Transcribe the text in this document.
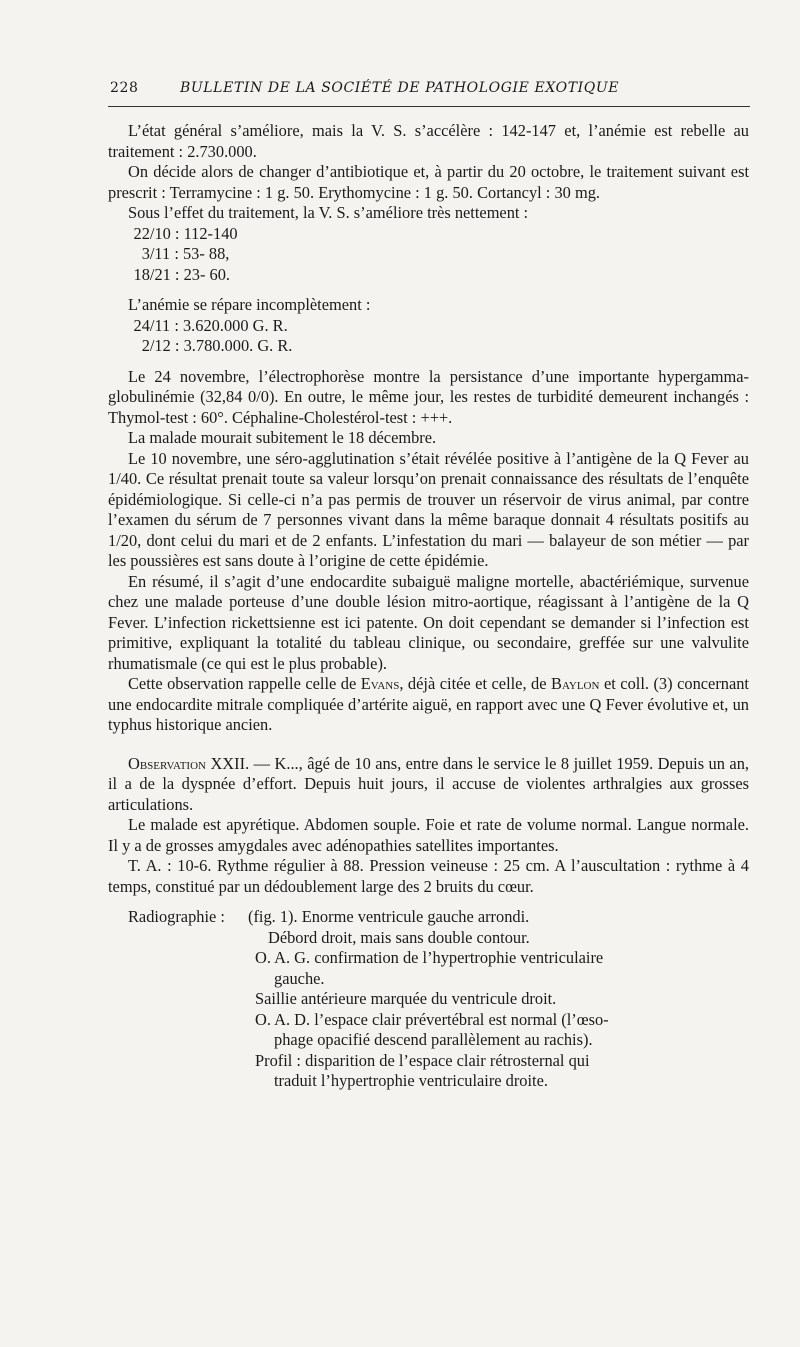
228	BULLETIN DE LA SOCIÉTÉ DE PATHOLOGIE EXOTIQUE

L’état général s’améliore, mais la V. S. s’accélère : 142-147 et, l’anémie est rebelle au traitement : 2.730.000.

On décide alors de changer d’antibiotique et, à partir du 20 octobre, le traitement suivant est prescrit : Terramycine : 1 g. 50. Erythomycine : 1 g. 50. Cortancyl : 30 mg.

Sous l’effet du traitement, la V. S. s’améliore très nettement :

22/10 : 112-140

3/11 : 53- 88,

18/21 : 23- 60.

L’anémie se répare incomplètement :

24/11 : 3.620.000 G. R.

2/12 : 3.780.000. G. R.

Le 24 novembre, l’électrophorèse montre la persistance d’une importante hypergamma-globulinémie (32,84 0/0). En outre, le même jour, les restes de turbidité demeurent inchangés : Thymol-test : 60°. Céphaline-Cholestérol-test : +++.

La malade mourait subitement le 18 décembre.

Le 10 novembre, une séro-agglutination s’était révélée positive à l’antigène de la Q Fever au 1/40. Ce résultat prenait toute sa valeur lorsqu’on prenait connaissance des résultats de l’enquête épidémiologique. Si celle-ci n’a pas permis de trouver un réservoir de virus animal, par contre l’examen du sérum de 7 personnes vivant dans la même baraque donnait 4 résultats positifs au 1/20, dont celui du mari et de 2 enfants. L’infestation du mari — balayeur de son métier — par les poussières est sans doute à l’origine de cette épidémie.

En résumé, il s’agit d’une endocardite subaiguë maligne mortelle, abactériémique, survenue chez une malade porteuse d’une double lésion mitro-aortique, réagissant à l’antigène de la Q Fever. L’infection rickettsienne est ici patente. On doit cependant se demander si l’infection est primitive, expliquant la totalité du tableau clinique, ou secondaire, greffée sur une valvulite rhumatismale (ce qui est le plus probable).

Cette observation rappelle celle de Evans, déjà citée et celle, de Baylon et coll. (3) concernant une endocardite mitrale compliquée d’artérite aiguë, en rapport avec une Q Fever évolutive et, un typhus historique ancien.

Observation XXII. — K..., âgé de 10 ans, entre dans le service le 8 juillet 1959. Depuis un an, il a de la dyspnée d’effort. Depuis huit jours, il accuse de violentes arthralgies aux grosses articulations.

Le malade est apyrétique. Abdomen souple. Foie et rate de volume normal. Langue normale. Il y a de grosses amygdales avec adénopathies satellites importantes.

T. A. : 10-6. Rythme régulier à 88. Pression veineuse : 25 cm. A l’auscultation : rythme à 4 temps, constitué par un dédoublement large des 2 bruits du cœur.

Radiographie :	(fig. 1). Enorme ventricule gauche arrondi.

Débord droit, mais sans double contour.

O. A. G. confirmation de l’hypertrophie ventriculaire

gauche.

Saillie antérieure marquée du ventricule droit.

O. A. D. l’espace clair prévertébral est normal (l’œso-

phage opacifié descend parallèlement au rachis).

Profil : disparition de l’espace clair rétrosternal qui

traduit l’hypertrophie ventriculaire droite.
